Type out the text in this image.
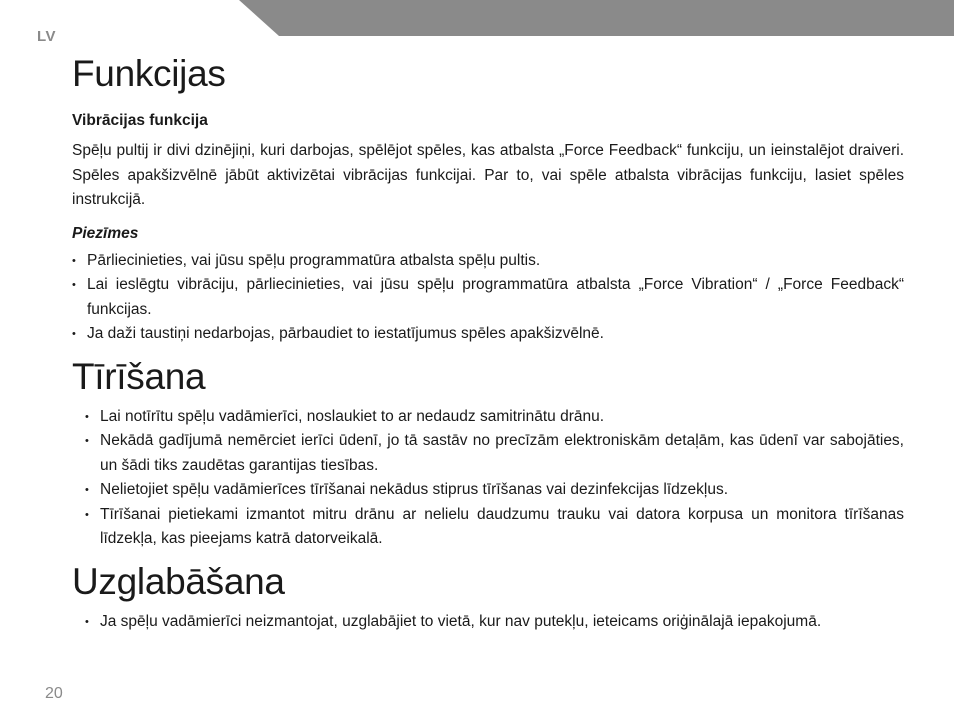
LV
Funkcijas

Vibrācijas funkcija

Spēļu pultij ir divi dzinējiņi, kuri darbojas, spēlējot spēles, kas atbalsta „Force Feedback“ funkciju, un ieinstalējot draiveri. Spēles apakšizvēlnē jābūt aktivizētai vibrācijas funkcijai. Par to, vai spēle atbalsta vibrācijas funkciju, lasiet spēles instrukcijā.

Piezīmes

• Pārliecinieties, vai jūsu spēļu programmatūra atbalsta spēļu pultis.
• Lai ieslēgtu vibrāciju, pārliecinieties, vai jūsu spēļu programmatūra atbalsta „Force Vibration“ / „Force Feedback“ funkcijas.
• Ja daži taustiņi nedarbojas, pārbaudiet to iestatījumus spēles apakšizvēlnē.
Tīrīšana
• Lai notīrītu spēļu vadāmierīci, noslaukiet to ar nedaudz samitrinātu drānu.
• Nekādā gadījumā nemērciet ierīci ūdenī, jo tā sastāv no precīzām elektroniskām detaļām, kas ūdenī var sabojāties, un šādi tiks zaudētas garantijas tiesības.
• Nelietojiet spēļu vadāmierīces tīrīšanai nekādus stiprus tīrīšanas vai dezinfekcijas līdzekļus.
• Tīrīšanai pietiekami izmantot mitru drānu ar nelielu daudzumu trauku vai datora korpusa un monitora tīrīšanas līdzekļa, kas pieejams katrā datorveikalā.
Uzglabāšana
• Ja spēļu vadāmierīci neizmantojat, uzglabājiet to vietā, kur nav putekļu, ieteicams oriģinālajā iepakojumā.
20
